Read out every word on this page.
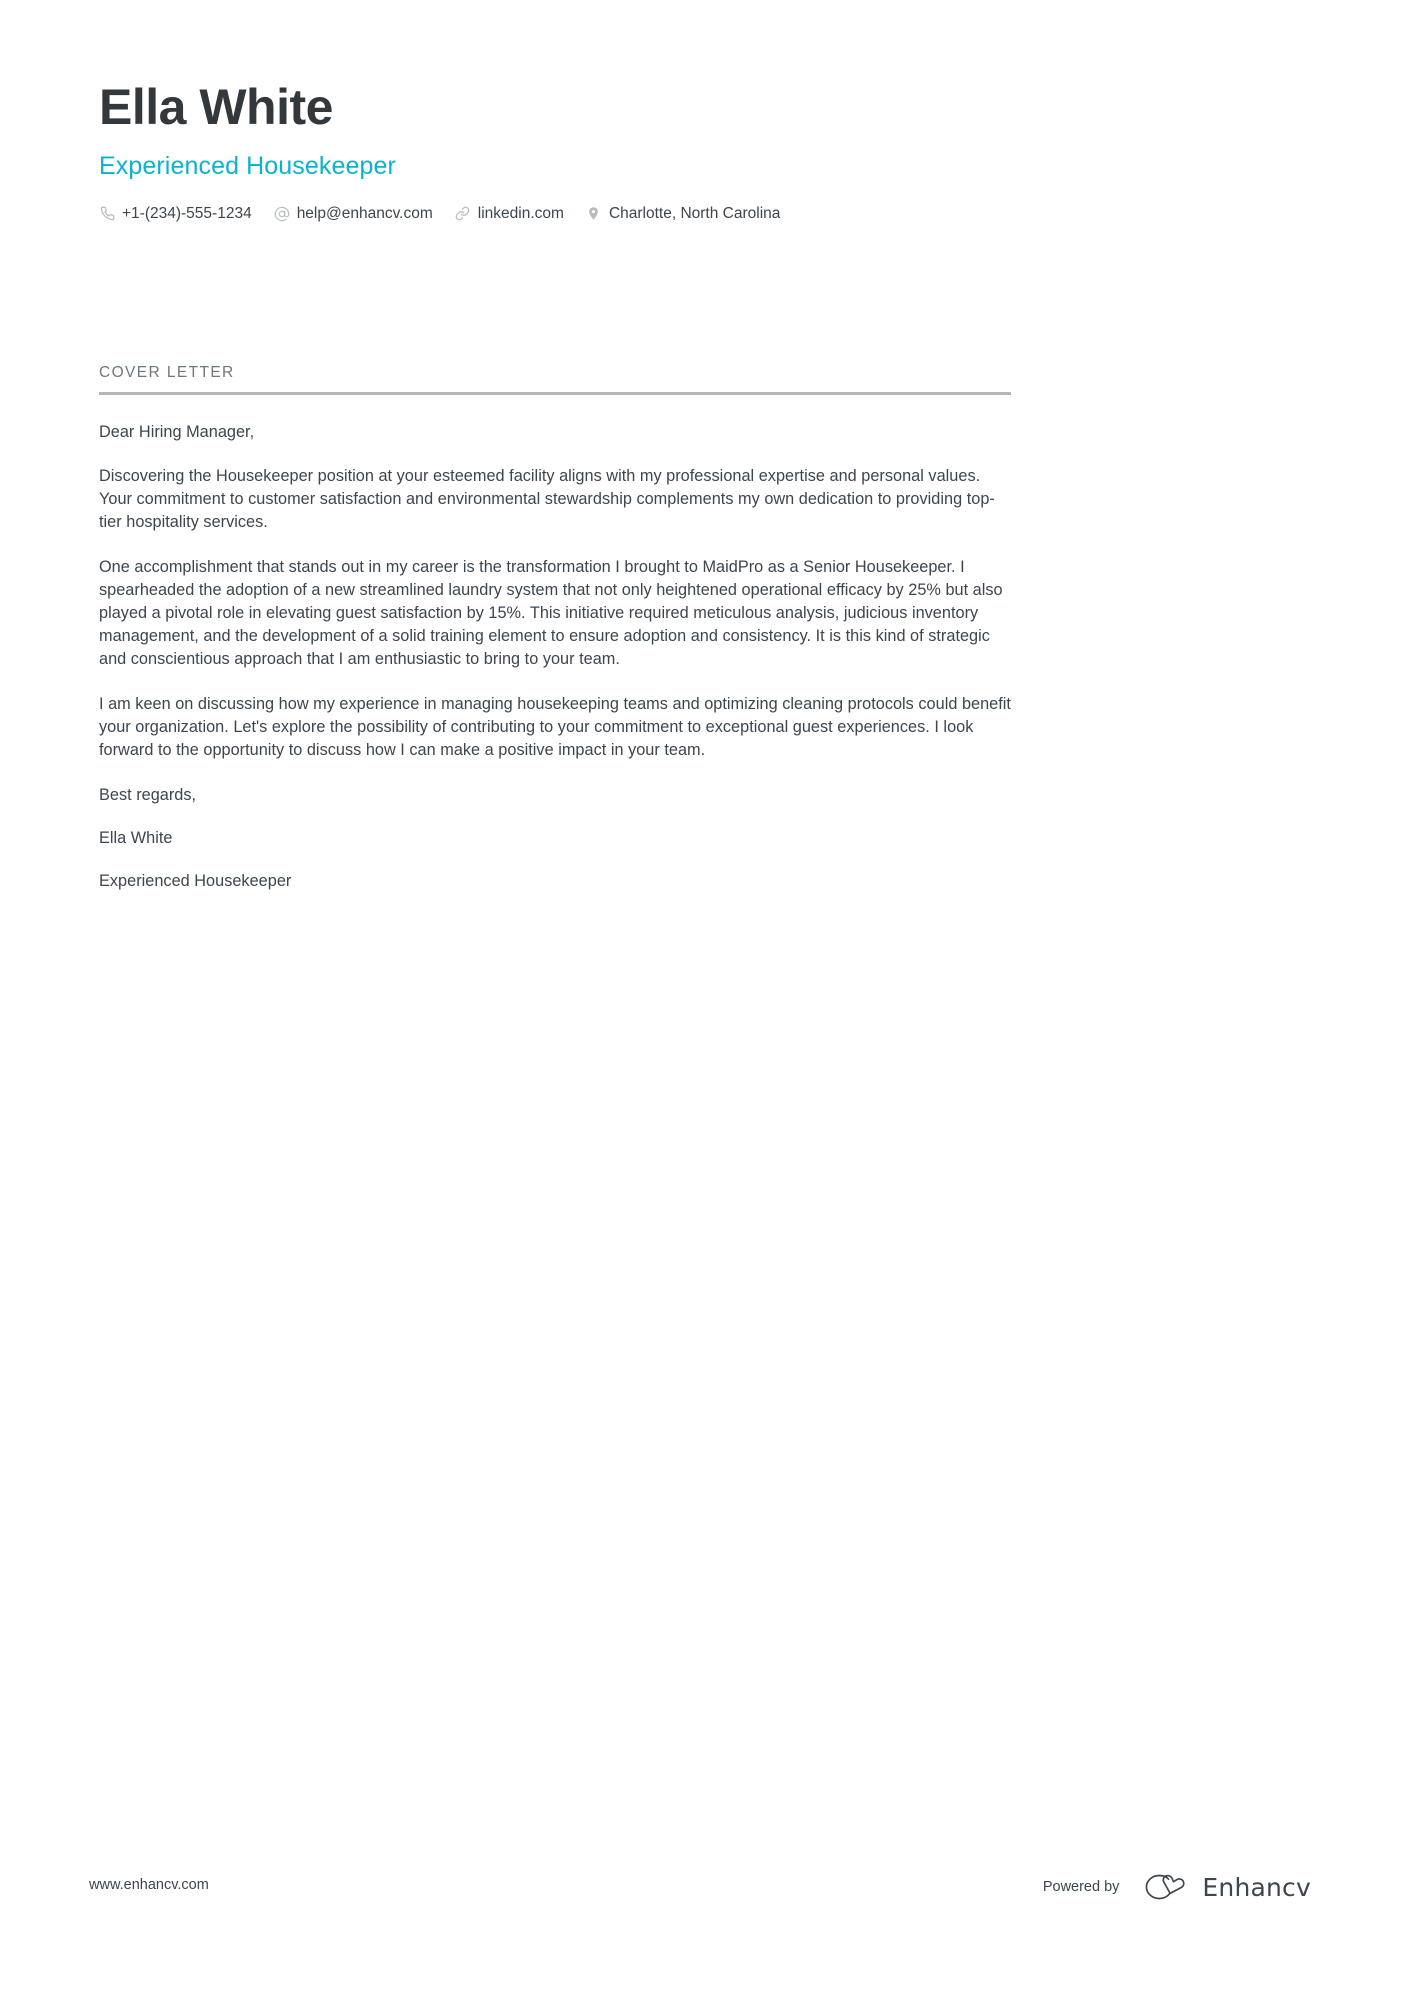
Ella White
Experienced Housekeeper
+1-(234)-555-1234	help@enhancv.com	linkedin.com	Charlotte, North Carolina
COVER LETTER

Dear Hiring Manager,

Discovering the Housekeeper position at your esteemed facility aligns with my professional expertise and personal values. Your commitment to customer satisfaction and environmental stewardship complements my own dedication to providing top-tier hospitality services.

One accomplishment that stands out in my career is the transformation I brought to MaidPro as a Senior Housekeeper. I spearheaded the adoption of a new streamlined laundry system that not only heightened operational efficacy by 25% but also played a pivotal role in elevating guest satisfaction by 15%. This initiative required meticulous analysis, judicious inventory management, and the development of a solid training element to ensure adoption and consistency. It is this kind of strategic and conscientious approach that I am enthusiastic to bring to your team.

I am keen on discussing how my experience in managing housekeeping teams and optimizing cleaning protocols could benefit your organization. Let's explore the possibility of contributing to your commitment to exceptional guest experiences. I look forward to the opportunity to discuss how I can make a positive impact in your team.

Best regards,

Ella White

Experienced Housekeeper

www.enhancv.com	Powered by	Enhancv
